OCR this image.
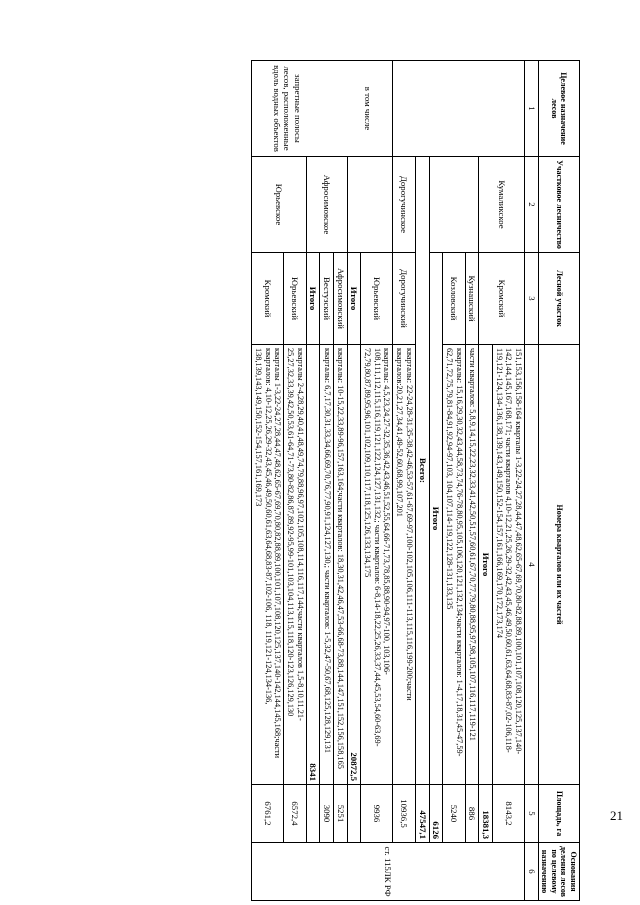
21
Целевое назначение лесов	Участковое лесничество	Лесной участок	Номера кварталов или их частей	Площадь, га	Основания деления лесов по целевому назначению
1	2	3	4	5	6
	Кумаликское	Кромский	151,153,156,158-164 кварталы 1-3,22-24,27,28,44,47,48,62,65-67,69,70,80-82,88,89,100,101,107,108,120,125,137,140-142,144,145,167,168,171; части кварталов 4,10-12,21,25,26,29-32,42,43,45,46,49,50,60,61,63,64,68,83-87,02-106,118-119,121-124,134-136,138,139,143,149,150,152-154,157,161,166,169,170,172,173,174	8143,2	ст. 115ЛК РФ
			Итого	18381,3	
		Кузнашский	части кварталов: 5,8,9,14,15,22,23,32,33,41,42,50,51,57,60,61,67,70,77,79,80,88,95,97,98,105,107,116,117,119-121	886	
		Козловский	кварталы: 15,16,29,30,32,43,44,58,73,74,76-78,80,95,105,106,120,121,132,134;части кварталов: 1-4,17,18,31,45-47,59-62,71,72,75,79,81-84,91,92,94-97,103, 104,107,114-119,122,128-131,133,135	5240	
		Итого		6126	
	Всего:			47547,1	
	Дорогучинское	Дорогучинский	кварталы: 22-24,28-31,35-38,42-46,53-57,61-67,69-97,100-102,105,106,111-113,115,116,199-200;части кварталов:20,21,27,34,41,49-52,60,68,99,107,201	10936,5	

в том числе
запретные полосы лесов, расположенные вдоль водных объектов		Юрьевский	кварталы: 4,5,23,24,27-32,35,36,42,43,46,51,52,55,64,66-71,73,78,85,88,90-94,97-100, 103,106-108,111,112,115,116,119,121,122,124,127,131,132,; части кварталов: 6-8,14-18,22,25,26,33,37,44,45,53,54,60-63,69-72,79,80,87,89,95,96,101,102,109,110,117,118,125,126,133,134,175	9936	
		Итого	20872,5		
	Афросимовское	Афросимовский	кварталы: 10-15,22,33,89-96,157,163,164;части кварталов: 18,30,31,42,46,47,53-66,68-73,88,144,147,151,152,156,158,165	5251	
		Вестузский	кварталы: 6,7,17,30,31,33,34,66,69,70,76,77,90,91,124,127,130,; части кварталов: 1-5,32,47-50,67,68,125,128,129,131	3090	
		Итого	8341		
	Юрьевское	Юрьевский	кварталы 2-4,28,29,40,41,48,49,74,79,88,96,97,102,105,108,114,116,117,144;части кварталов 1,5-8,10,11,21-25,27,32,33,39,42,50,53,61-64,71-73,80-82,86,87,89,92-95,99-101,103,104,113,115,118,120-123,126,129,130	6572,4	
		Кромский	кварталы 1-3,22-24,27,28,44,47,48,62,65-67,69,70,80,82,88,89,100,101,107,108,120,125,137,140-142,144,145,168;части кварталов: 4,10-12,25,26,29-32,43,45,46,49,50,60,61,63,64,68,83-87,102-106, 118, 119,121-124,134-136, 138,139,143,149,150,152-154,157,161,169,173	6761,2	
